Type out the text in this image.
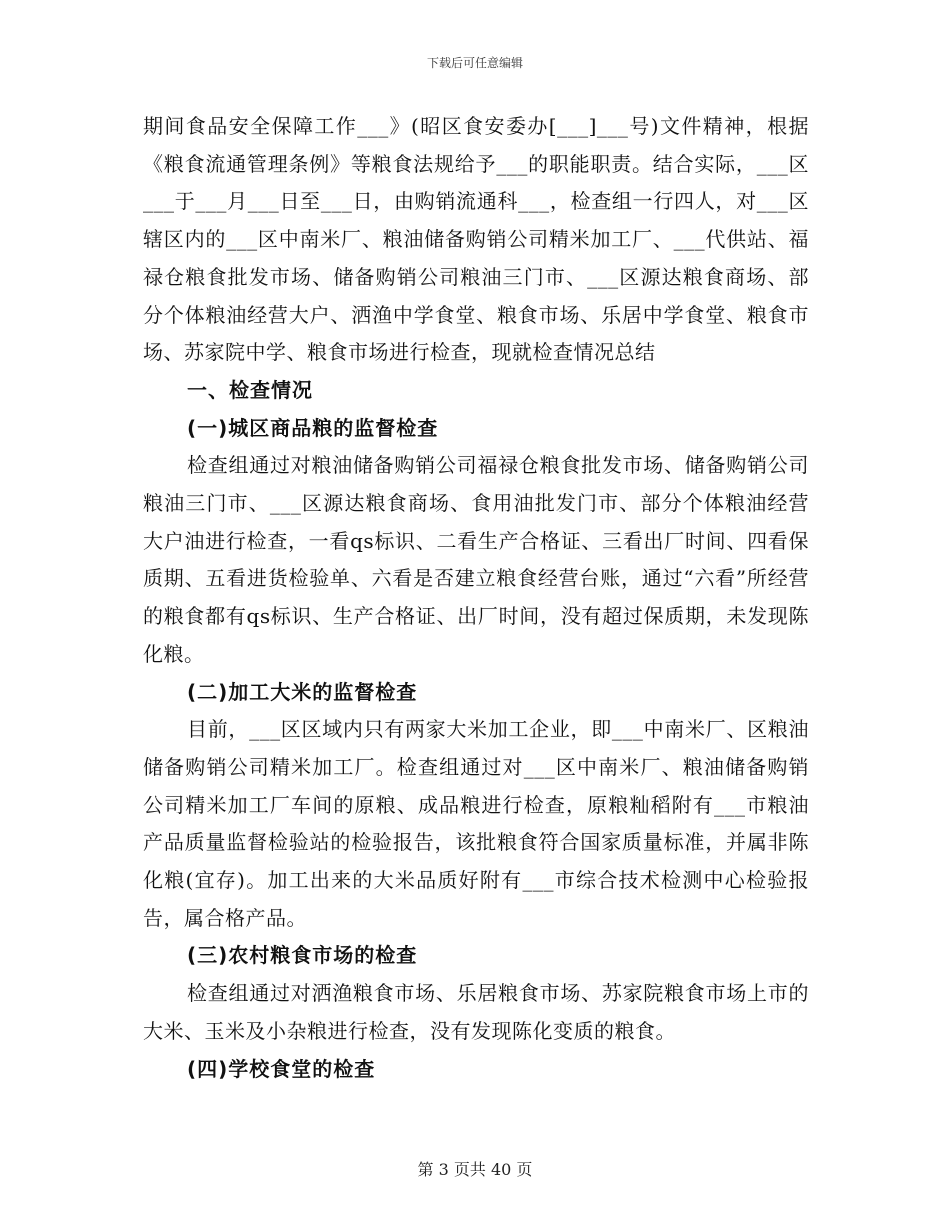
下载后可任意编辑

期间食品安全保障工作___》(昭区食安委办[___]___号)文件精神，根据《粮食流通管理条例》等粮食法规给予___的职能职责。结合实际，___区___于___月___日至___日，由购销流通科___，检查组一行四人，对___区辖区内的___区中南米厂、粮油储备购销公司精米加工厂、___代供站、福禄仓粮食批发市场、储备购销公司粮油三门市、___区源达粮食商场、部分个体粮油经营大户、洒渔中学食堂、粮食市场、乐居中学食堂、粮食市场、苏家院中学、粮食市场进行检查，现就检查情况总结

一、检查情况

(一)城区商品粮的监督检查

检查组通过对粮油储备购销公司福禄仓粮食批发市场、储备购销公司粮油三门市、___区源达粮食商场、食用油批发门市、部分个体粮油经营大户油进行检查，一看qs标识、二看生产合格证、三看出厂时间、四看保质期、五看进货检验单、六看是否建立粮食经营台账，通过“六看”所经营的粮食都有qs标识、生产合格证、出厂时间，没有超过保质期，未发现陈化粮。

(二)加工大米的监督检查

目前，___区区域内只有两家大米加工企业，即___中南米厂、区粮油储备购销公司精米加工厂。检查组通过对___区中南米厂、粮油储备购销公司精米加工厂车间的原粮、成品粮进行检查，原粮籼稻附有___市粮油产品质量监督检验站的检验报告，该批粮食符合国家质量标准，并属非陈化粮(宜存)。加工出来的大米品质好附有___市综合技术检测中心检验报告，属合格产品。

(三)农村粮食市场的检查

检查组通过对洒渔粮食市场、乐居粮食市场、苏家院粮食市场上市的大米、玉米及小杂粮进行检查，没有发现陈化变质的粮食。

(四)学校食堂的检查

第 3 页共 40 页
